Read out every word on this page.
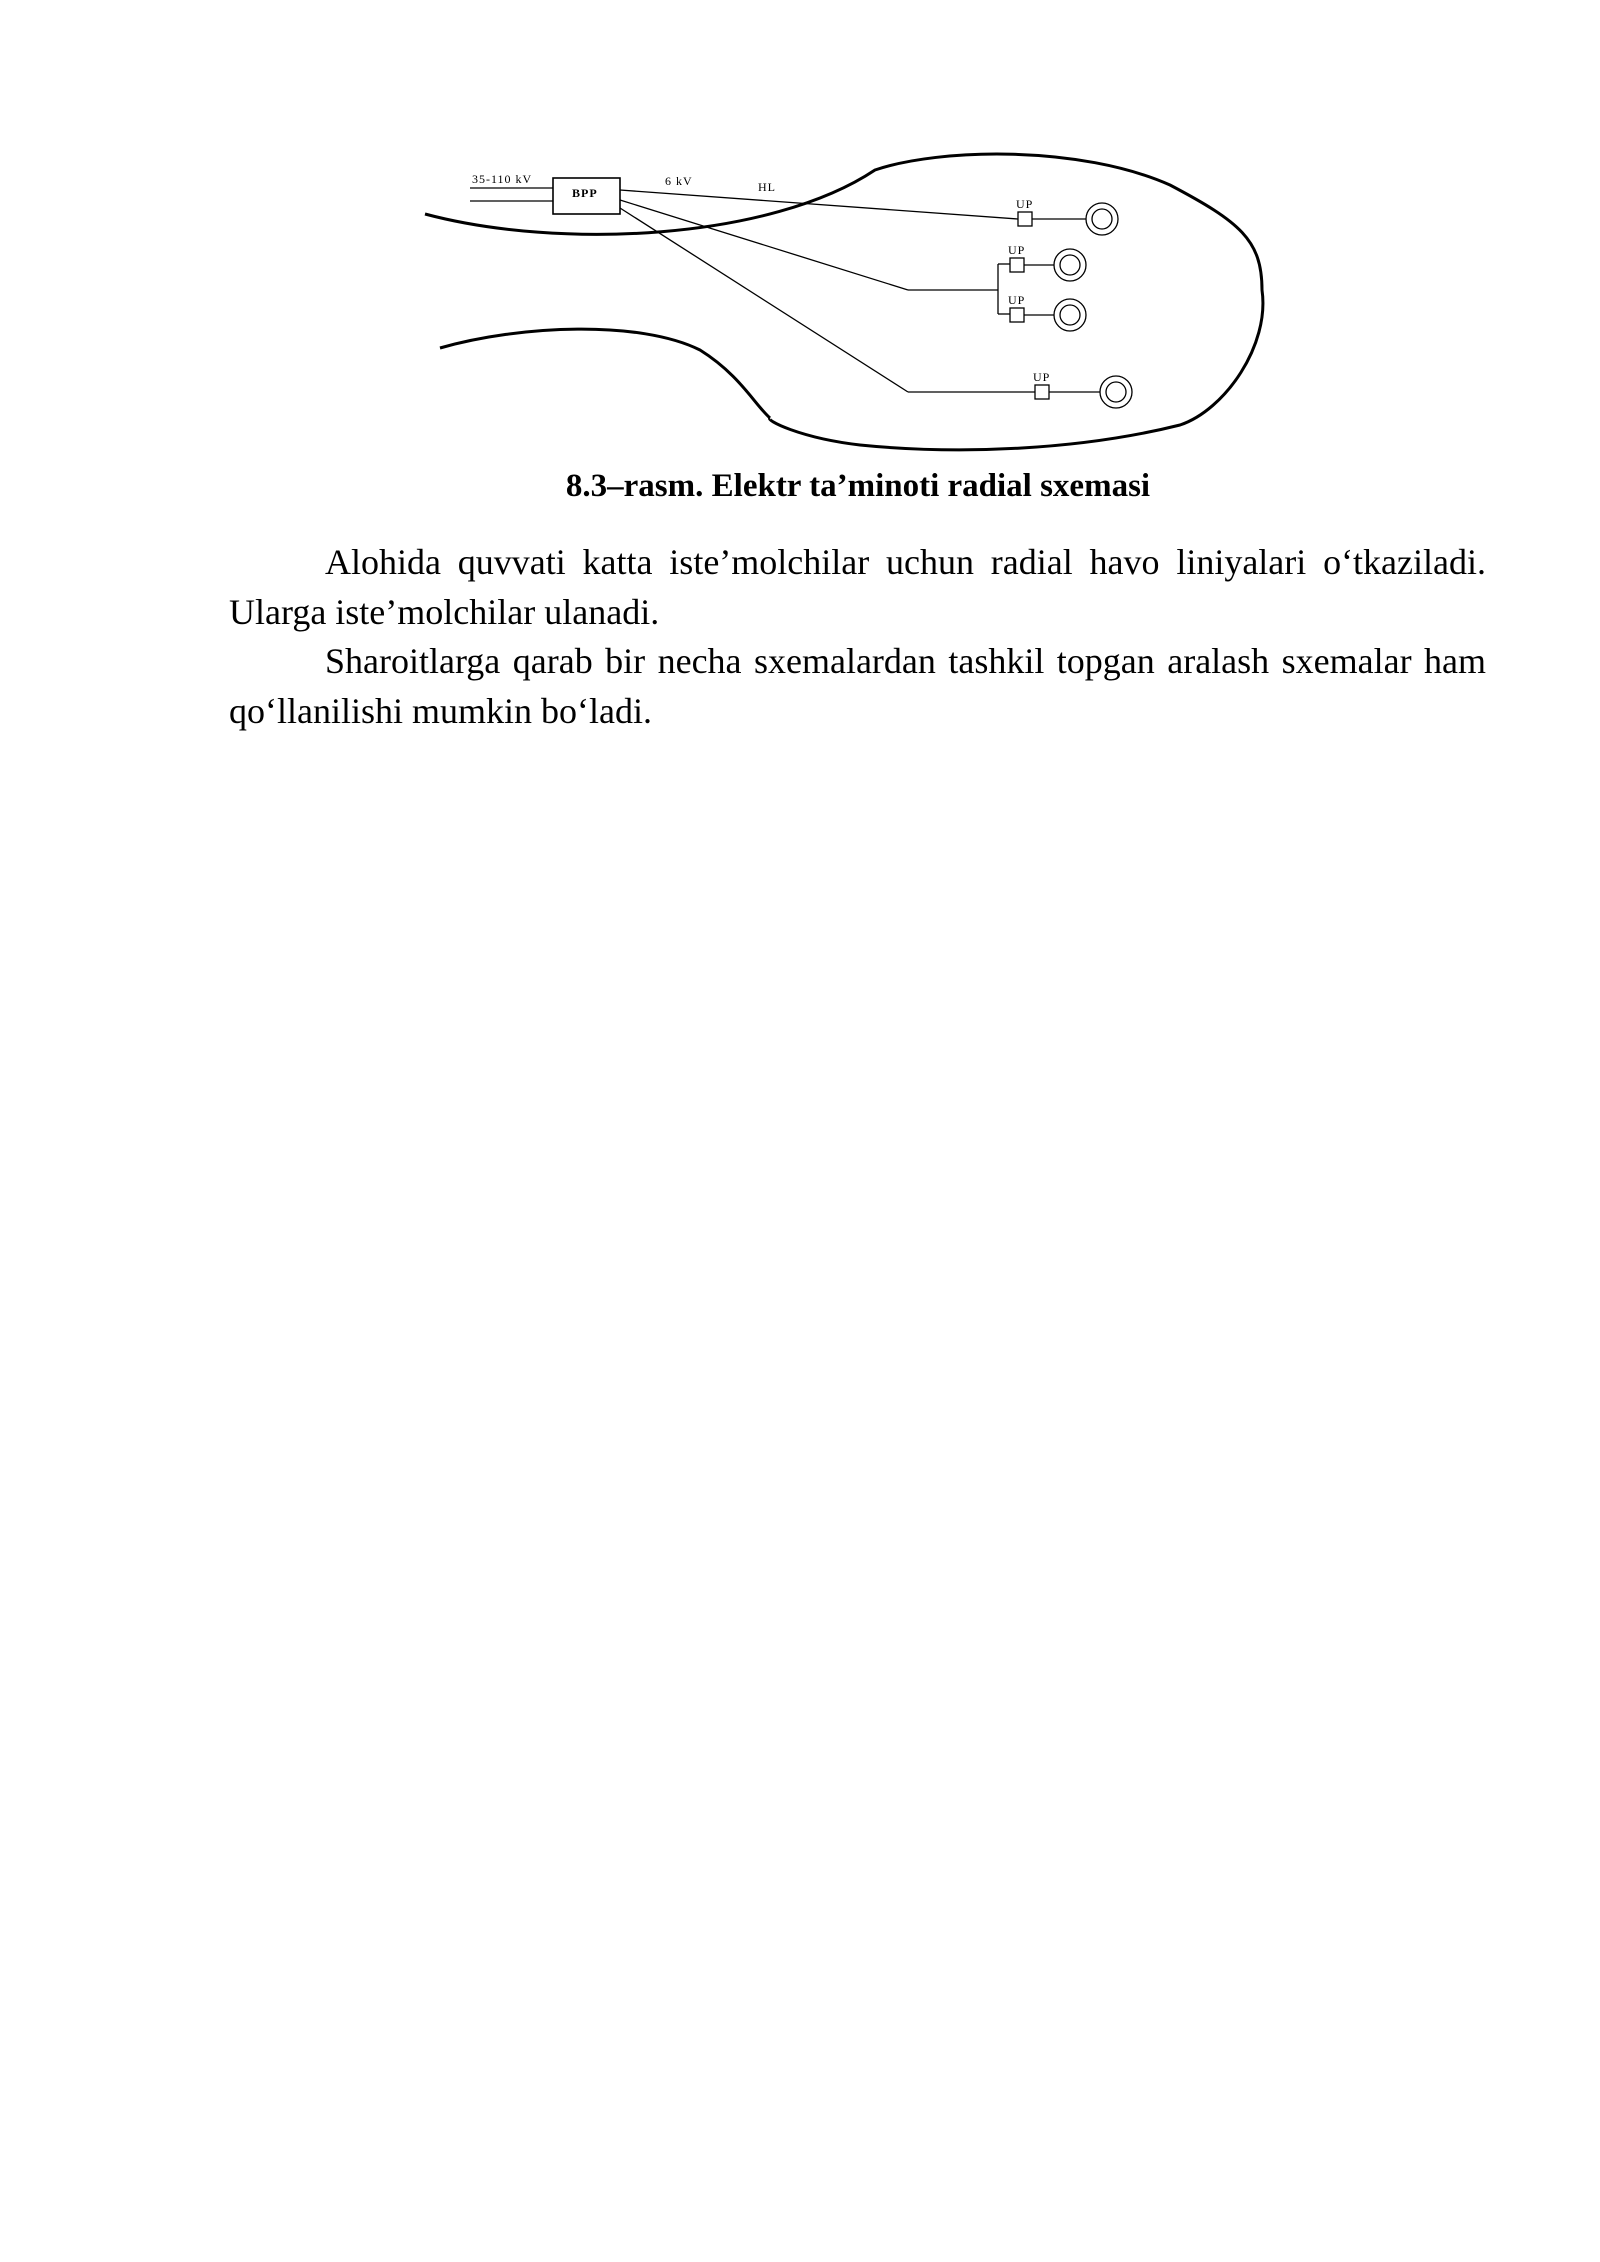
35-110 kV
BPP
6 kV	HL
UP
UP
UP
UP

8.3–rasm. Elektr ta’minoti radial sxemasi

Alohida quvvati katta iste’molchilar uchun radial havo liniyalari o‘tkaziladi. Ularga iste’molchilar ulanadi.

Sharoitlarga qarab bir necha sxemalardan tashkil topgan aralash sxemalar ham qo‘llanilishi mumkin bo‘ladi.
